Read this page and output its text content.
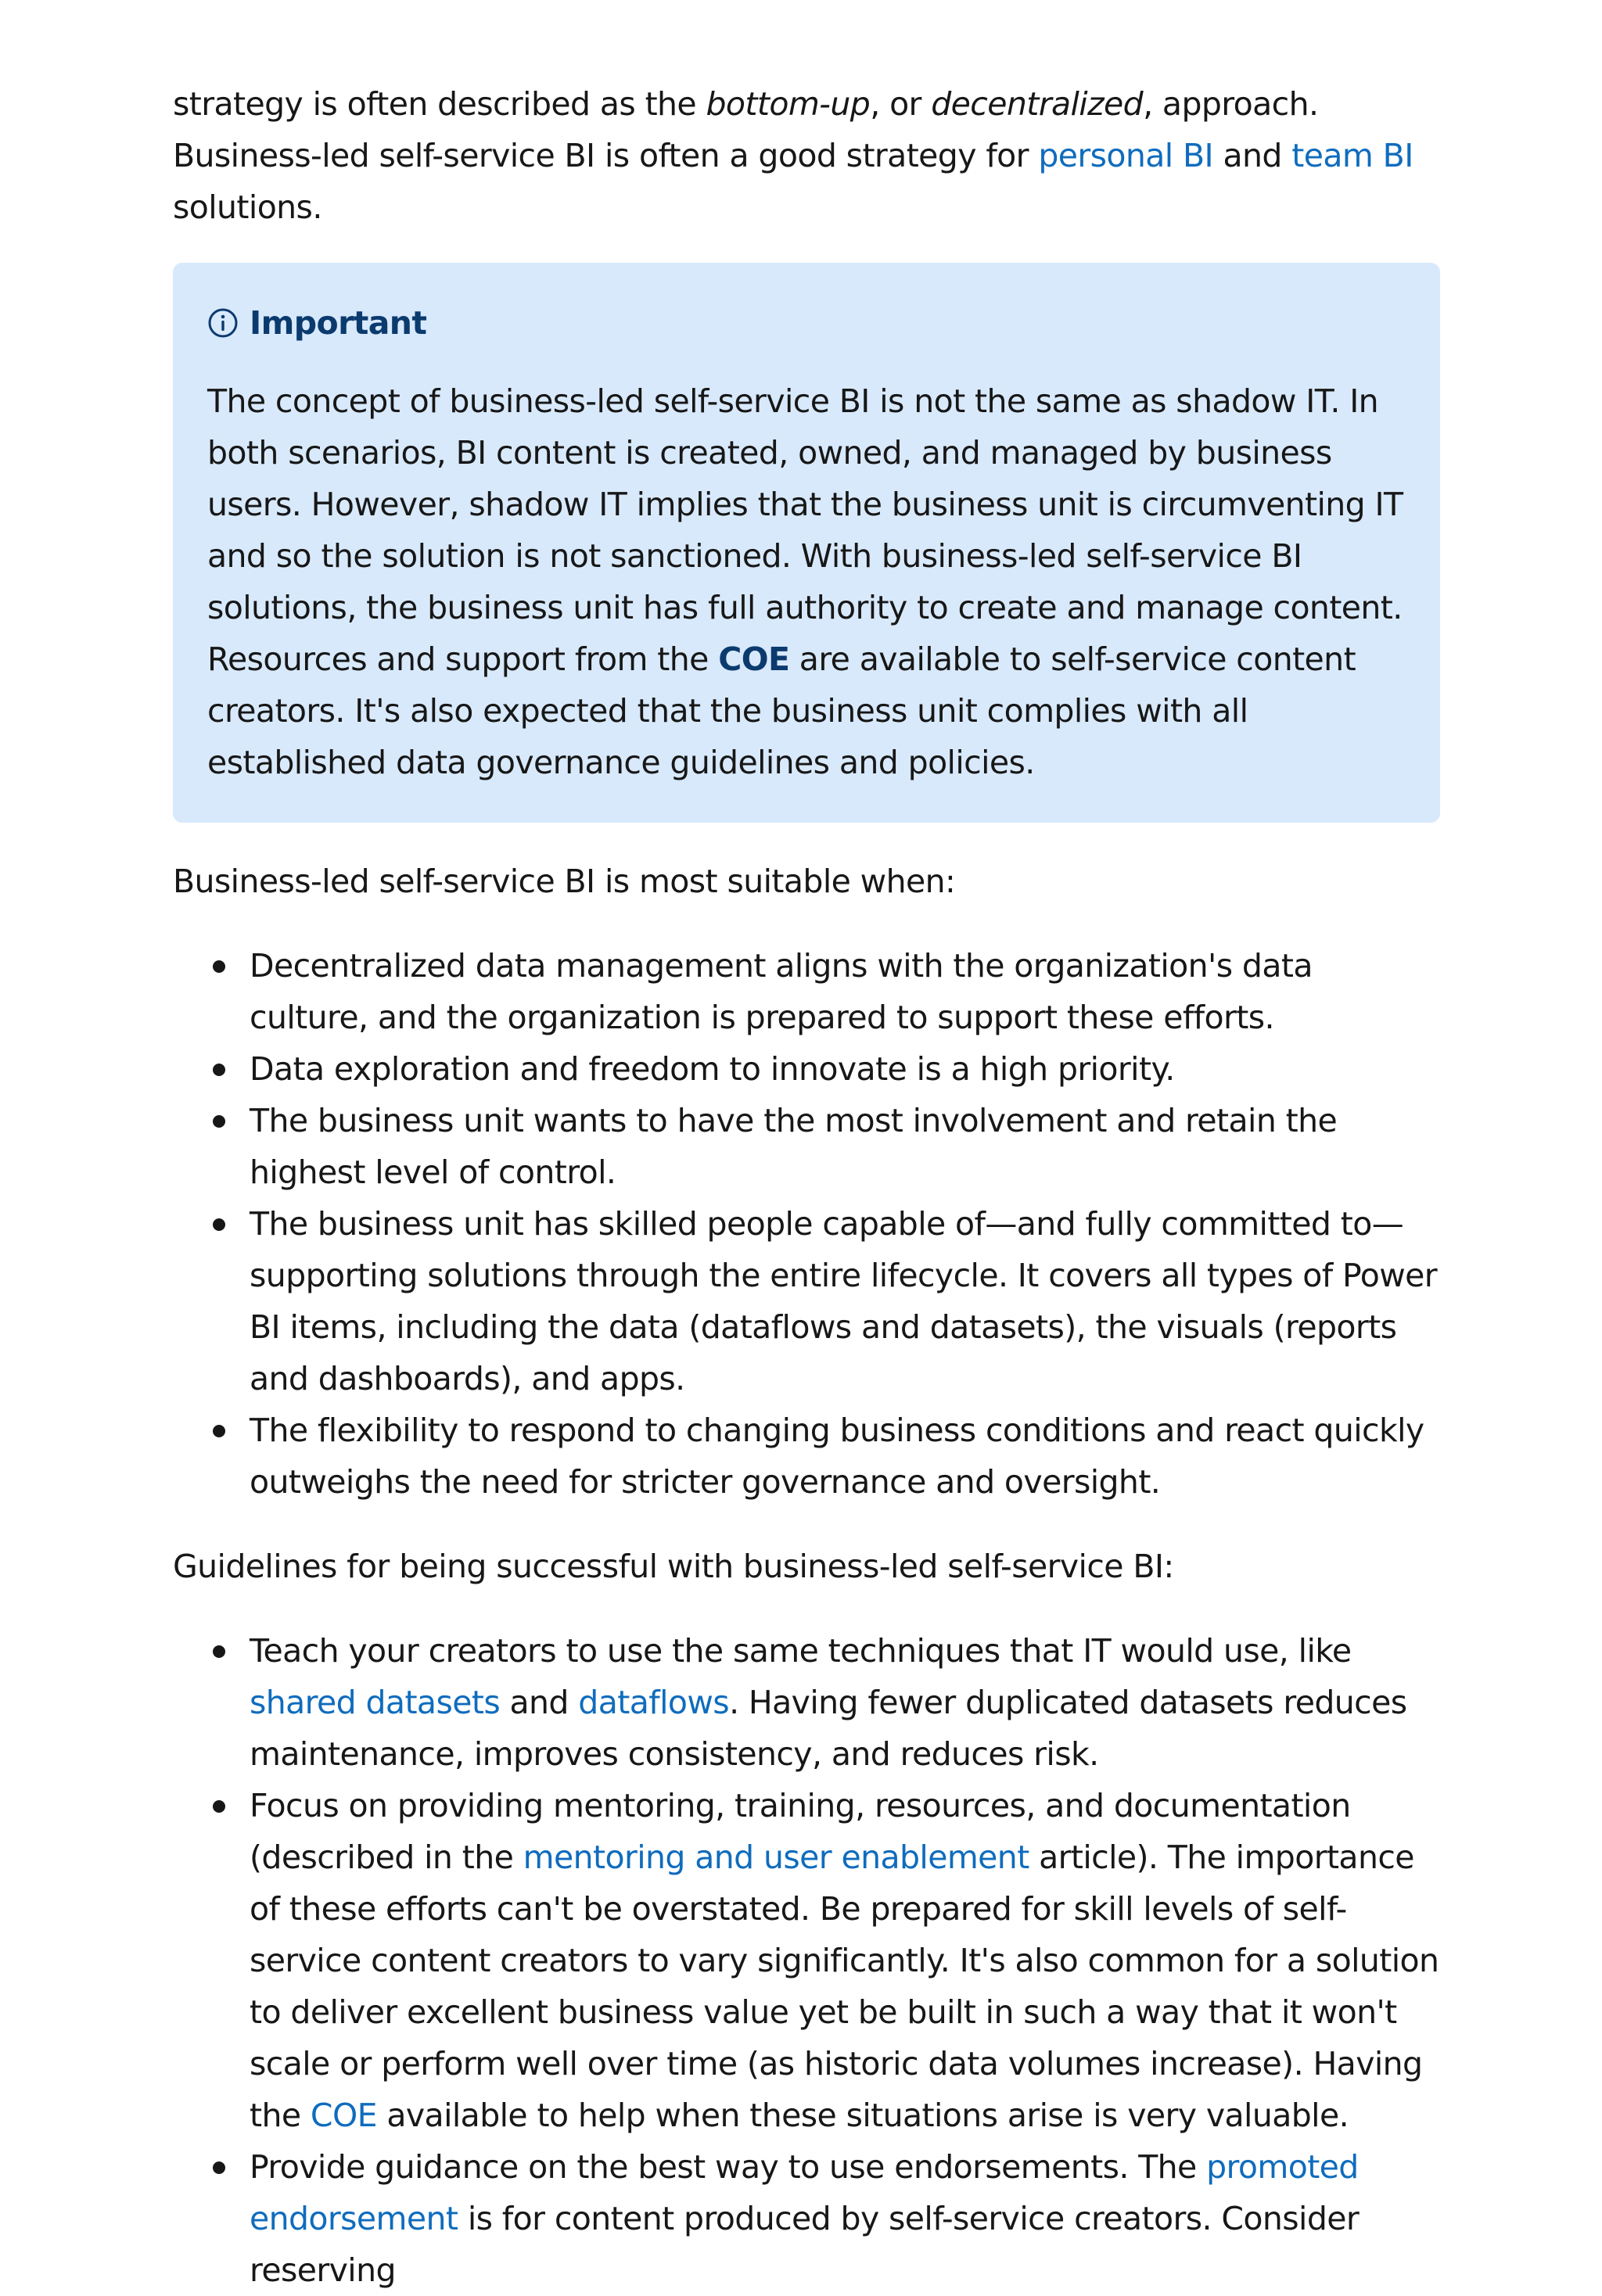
strategy is often described as the bottom-up, or decentralized, approach. Business-led self-service BI is often a good strategy for personal BI and team BI solutions.

Important

The concept of business-led self-service BI is not the same as shadow IT. In both scenarios, BI content is created, owned, and managed by business users. However, shadow IT implies that the business unit is circumventing IT and so the solution is not sanctioned. With business-led self-service BI solutions, the business unit has full authority to create and manage content. Resources and support from the COE are available to self-service content creators. It's also expected that the business unit complies with all established data governance guidelines and policies.

Business-led self-service BI is most suitable when:

Decentralized data management aligns with the organization's data culture, and the organization is prepared to support these efforts.
Data exploration and freedom to innovate is a high priority.
The business unit wants to have the most involvement and retain the highest level of control.
The business unit has skilled people capable of—and fully committed to—supporting solutions through the entire lifecycle. It covers all types of Power BI items, including the data (dataflows and datasets), the visuals (reports and dashboards), and apps.
The flexibility to respond to changing business conditions and react quickly outweighs the need for stricter governance and oversight.

Guidelines for being successful with business-led self-service BI:

Teach your creators to use the same techniques that IT would use, like shared datasets and dataflows. Having fewer duplicated datasets reduces maintenance, improves consistency, and reduces risk.
Focus on providing mentoring, training, resources, and documentation (described in the mentoring and user enablement article). The importance of these efforts can't be overstated. Be prepared for skill levels of self-service content creators to vary significantly. It's also common for a solution to deliver excellent business value yet be built in such a way that it won't scale or perform well over time (as historic data volumes increase). Having the COE available to help when these situations arise is very valuable.
Provide guidance on the best way to use endorsements. The promoted endorsement is for content produced by self-service creators. Consider reserving
